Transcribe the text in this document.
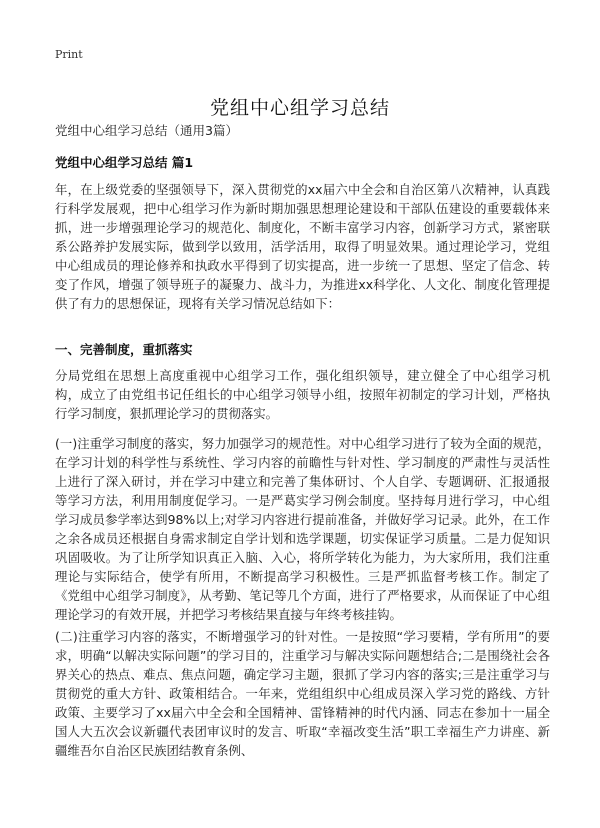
Print
党组中心组学习总结
党组中心组学习总结（通用3篇）
党组中心组学习总结 篇1

年，在上级党委的坚强领导下，深入贯彻党的xx届六中全会和自治区第八次精神，认真践行科学发展观，把中心组学习作为新时期加强思想理论建设和干部队伍建设的重要载体来抓，进一步增强理论学习的规范化、制度化，不断丰富学习内容，创新学习方式，紧密联系公路养护发展实际，做到学以致用，活学活用，取得了明显效果。通过理论学习，党组中心组成员的理论修养和执政水平得到了切实提高，进一步统一了思想、坚定了信念、转变了作风，增强了领导班子的凝聚力、战斗力，为推进xx科学化、人文化、制度化管理提供了有力的思想保证，现将有关学习情况总结如下：

一、完善制度，重抓落实

分局党组在思想上高度重视中心组学习工作，强化组织领导，建立健全了中心组学习机构，成立了由党组书记任组长的中心组学习领导小组，按照年初制定的学习计划，严格执行学习制度，狠抓理论学习的贯彻落实。

(一)注重学习制度的落实，努力加强学习的规范性。对中心组学习进行了较为全面的规范，在学习计划的科学性与系统性、学习内容的前瞻性与针对性、学习制度的严肃性与灵活性上进行了深入研讨，并在学习中建立和完善了集体研讨、个人自学、专题调研、汇报通报等学习方法，利用用制度促学习。一是严葛实学习例会制度。坚持每月进行学习，中心组学习成员参学率达到98%以上;对学习内容进行提前准备，并做好学习记录。此外，在工作之余各成员还根据自身需求制定自学计划和选学课题，切实保证学习质量。二是力促知识巩固吸收。为了让所学知识真正入脑、入心，将所学转化为能力，为大家所用，我们注重理论与实际结合，使学有所用，不断提高学习积极性。三是严抓监督考核工作。制定了《党组中心组学习制度》，从考勤、笔记等几个方面，进行了严格要求，从而保证了中心组理论学习的有效开展，并把学习考核结果直接与年终考核挂钩。

(二)注重学习内容的落实，不断增强学习的针对性。一是按照“学习要精，学有所用”的要求，明确“以解决实际问题”的学习目的，注重学习与解决实际问题想结合;二是围绕社会各界关心的热点、难点、焦点问题，确定学习主题，狠抓了学习内容的落实;三是注重学习与贯彻党的重大方针、政策相结合。一年来，党组组织中心组成员深入学习党的路线、方针政策、主要学习了xx届六中全会和全国精神、雷锋精神的时代内涵、同志在参加十一届全国人大五次会议新疆代表团审议时的发言、听取“幸福改变生活”职工幸福生产力讲座、新疆维吾尔自治区民族团结教育条例、
